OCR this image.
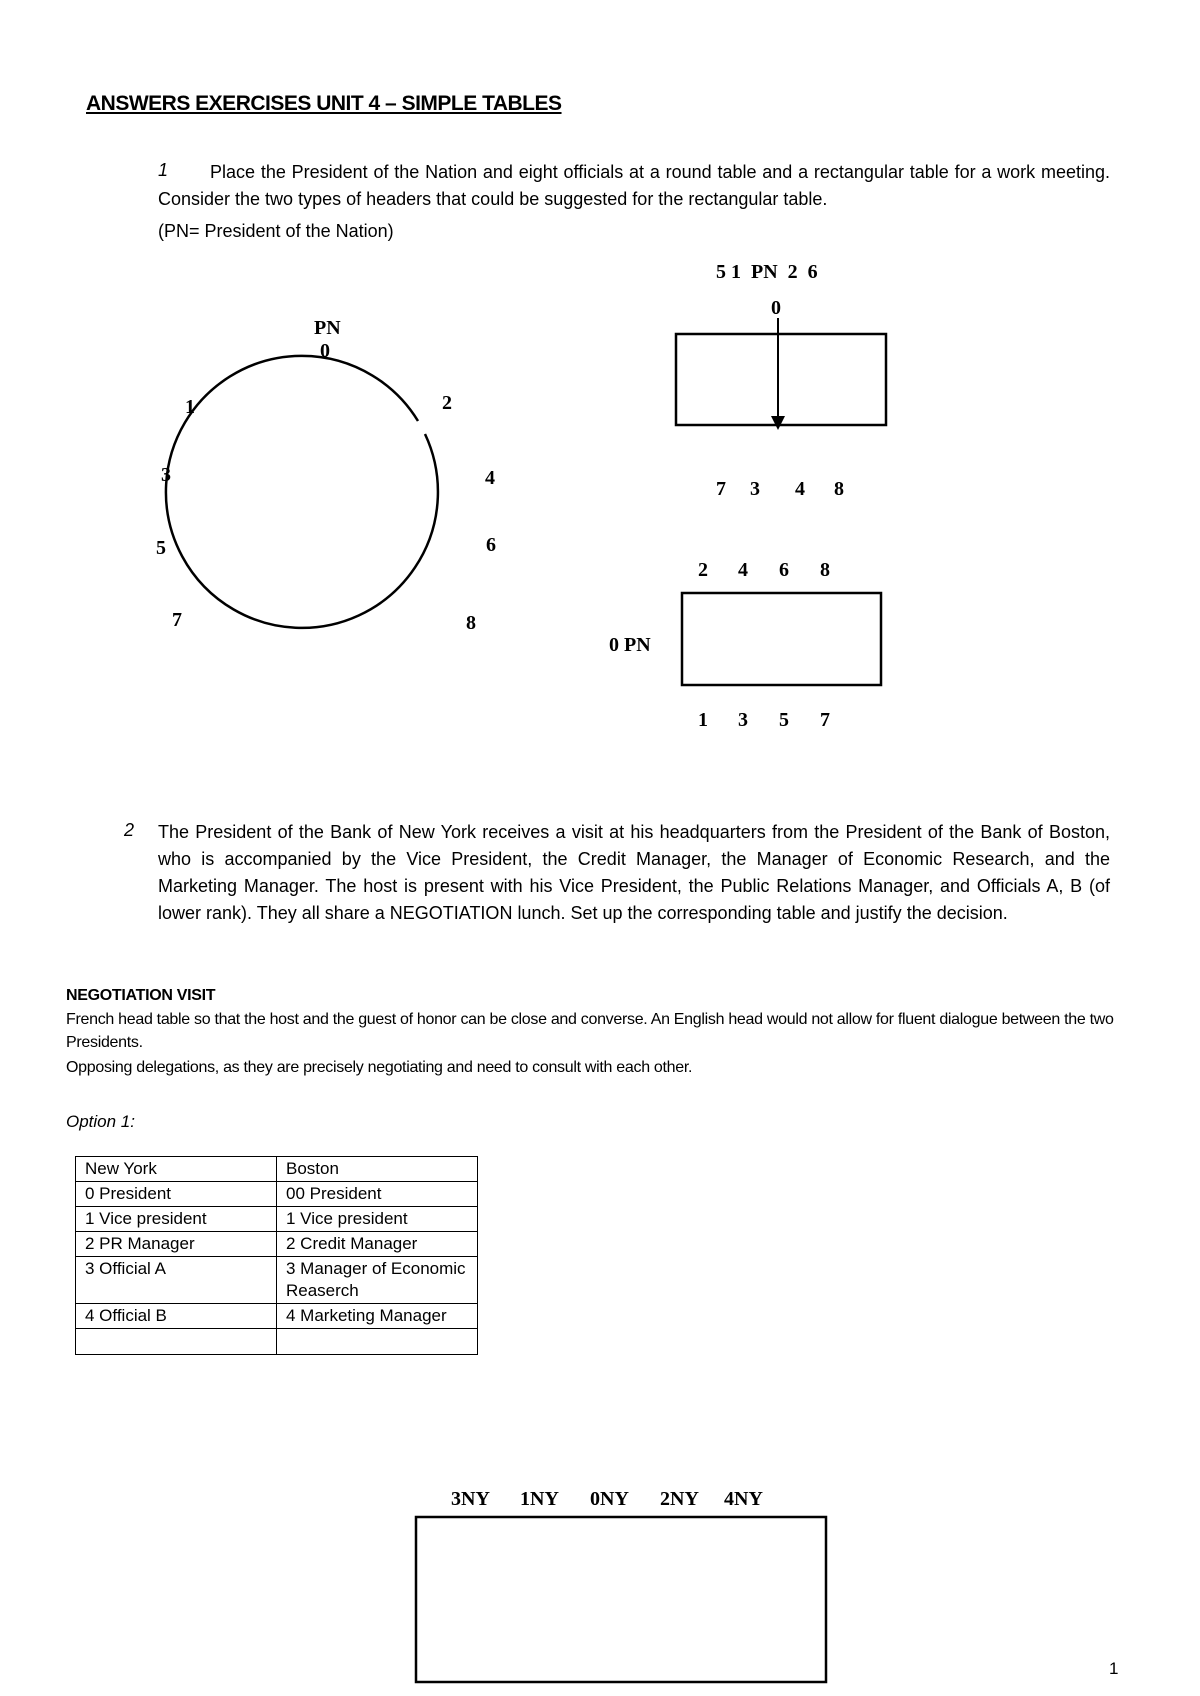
ANSWERS EXERCISES UNIT 4 – SIMPLE TABLES
1	Place the President of the Nation and eight officials at a round table and a rectangular table for a work meeting. Consider the two types of headers that could be suggested for the rectangular table.
(PN= President of the Nation)
PN
0
1	2
3	4
5	6
7	8
5 1  PN  2  6
0
7 3 4 8
2 4 6 8
0 PN
1 3 5 7
2 The President of the Bank of New York receives a visit at his headquarters from the President of the Bank of Boston, who is accompanied by the Vice President, the Credit Manager, the Manager of Economic Research, and the Marketing Manager. The host is present with his Vice President, the Public Relations Manager, and Officials A, B (of lower rank). They all share a NEGOTIATION lunch. Set up the corresponding table and justify the decision.
NEGOTIATION VISIT
French head table so that the host and the guest of honor can be close and converse. An English head would not allow for fluent dialogue between the two Presidents.
Opposing delegations, as they are precisely negotiating and need to consult with each other.
Option 1:
New York	Boston
0 President	00 President
1 Vice president	1 Vice president
2 PR Manager	2 Credit Manager
3 Official A	3 Manager of Economic Reaserch
4 Official B	4 Marketing Manager

3NY 1NY 0NY 2NY 4NY
1
